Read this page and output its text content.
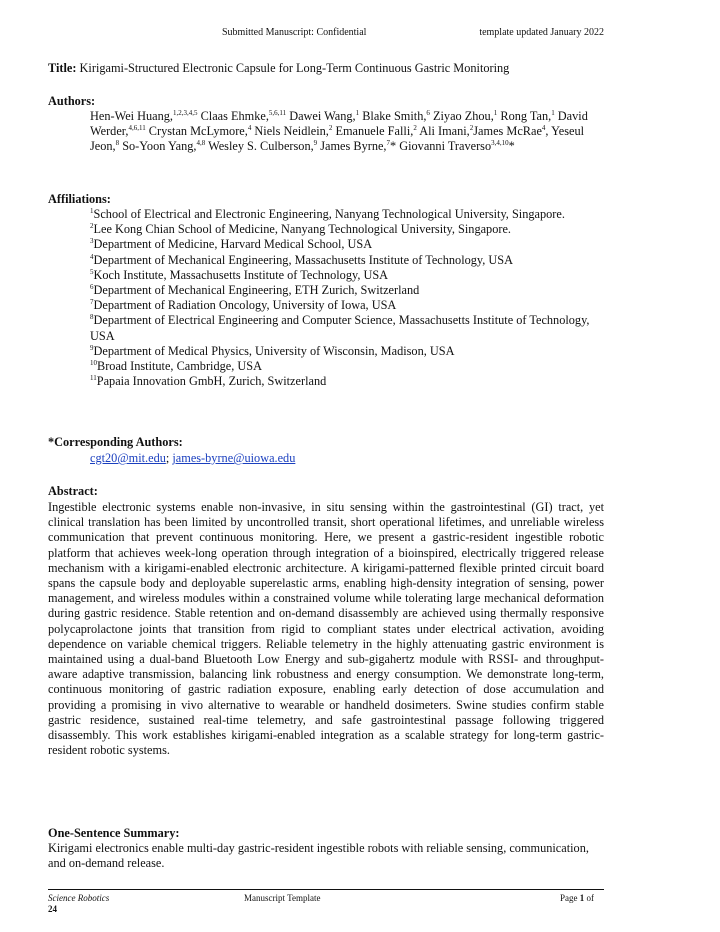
Submitted Manuscript: Confidential	template updated January 2022
Title: Kirigami-Structured Electronic Capsule for Long-Term Continuous Gastric Monitoring
Authors:
Hen-Wei Huang,$^{1,2,3,4,5}$ Claas Ehmke,$^{5,6,11}$ Dawei Wang,$^1$ Blake Smith,$^6$ Ziyao Zhou,$^1$ Rong Tan,$^1$ David Werder,$^{4,6,11}$ Crystan McLymore,$^4$ Niels Neidlein,$^2$ Emanuele Falli,$^2$ Ali Imani,$^2$James McRae$^4$, Yeseul Jeon,$^8$ So-Yoon Yang,$^{4,8}$ Wesley S. Culberson,$^9$ James Byrne,$^7$* Giovanni Traverso$^{3,4,10}$*
Affiliations:
$^1$School of Electrical and Electronic Engineering, Nanyang Technological University, Singapore.
$^2$Lee Kong Chian School of Medicine, Nanyang Technological University, Singapore.
$^3$Department of Medicine, Harvard Medical School, USA
$^4$Department of Mechanical Engineering, Massachusetts Institute of Technology, USA
$^5$Koch Institute, Massachusetts Institute of Technology, USA
$^6$Department of Mechanical Engineering, ETH Zurich, Switzerland
$^7$Department of Radiation Oncology, University of Iowa, USA
$^8$Department of Electrical Engineering and Computer Science, Massachusetts Institute of Technology, USA
$^9$Department of Medical Physics, University of Wisconsin, Madison, USA
$^{10}$Broad Institute, Cambridge, USA
$^{11}$Papaia Innovation GmbH, Zurich, Switzerland
*Corresponding Authors:
cgt20@mit.edu; james-byrne@uiowa.edu
Abstract:
Ingestible electronic systems enable non-invasive, in situ sensing within the gastrointestinal (GI) tract, yet clinical translation has been limited by uncontrolled transit, short operational lifetimes, and unreliable wireless communication that prevent continuous monitoring. Here, we present a gastric-resident ingestible robotic platform that achieves week-long operation through integration of a bioinspired, electrically triggered release mechanism with a kirigami-enabled electronic architecture. A kirigami-patterned flexible printed circuit board spans the capsule body and deployable superelastic arms, enabling high-density integration of sensing, power management, and wireless modules within a constrained volume while tolerating large mechanical deformation during gastric residence. Stable retention and on-demand disassembly are achieved using thermally responsive polycaprolactone joints that transition from rigid to compliant states under electrical activation, avoiding dependence on variable chemical triggers. Reliable telemetry in the highly attenuating gastric environment is maintained using a dual-band Bluetooth Low Energy and sub-gigahertz module with RSSI- and throughput-aware adaptive transmission, balancing link robustness and energy consumption. We demonstrate long-term, continuous monitoring of gastric radiation exposure, enabling early detection of dose accumulation and providing a promising in vivo alternative to wearable or handheld dosimeters. Swine studies confirm stable gastric residence, sustained real-time telemetry, and safe gastrointestinal passage following triggered disassembly. This work establishes kirigami-enabled integration as a scalable strategy for long-term gastric-resident robotic systems.
One-Sentence Summary:
Kirigami electronics enable multi-day gastric-resident ingestible robots with reliable sensing, communication, and on-demand release.
Science Robotics	Manuscript Template	Page 1 of
24
